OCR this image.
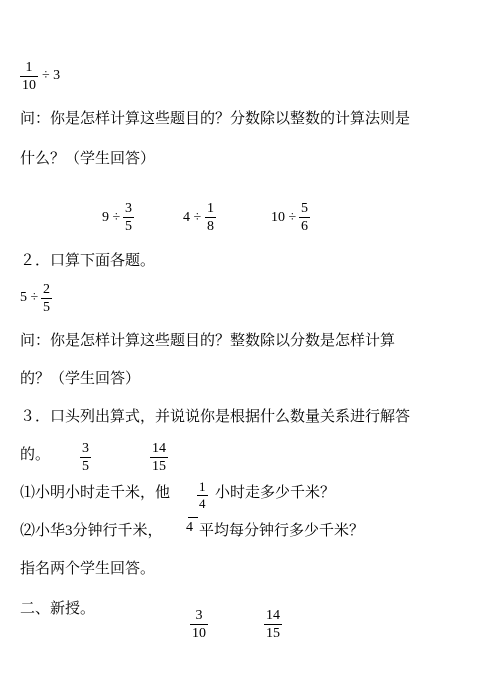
1
10
÷ 3
问：你是怎样计算这些题目的？分数除以整数的计算法则是
什么？（学生回答）
9 ÷
3
5
4 ÷
1
8
10 ÷
5
6
２．口算下面各题。
5 ÷
2
5
问：你是怎样计算这些题目的？整数除以分数是怎样计算
的？（学生回答）
３．口头列出算式，并说说你是根据什么数量关系进行解答
的。 3
5
14
15
⑴小明小时走千米，他 1
4
小时走多少千米？
⑵小华3分钟行千米， 4 平均每分钟行多少千米？
指名两个学生回答。
二、新授。	3
10
14
15
